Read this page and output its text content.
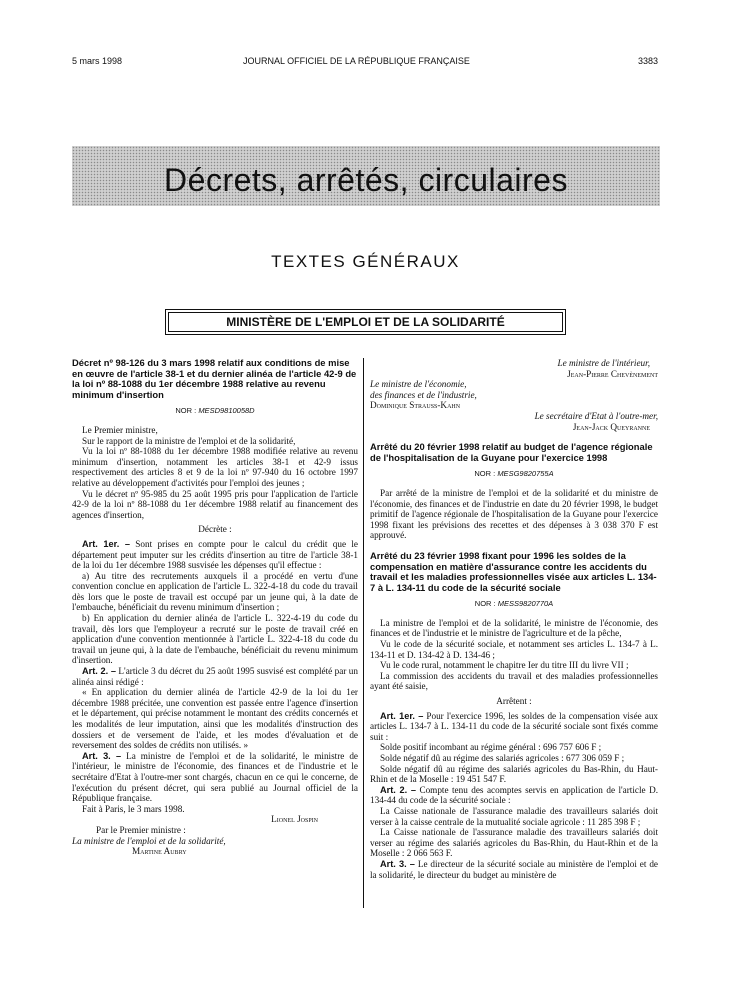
5 mars 1998	JOURNAL OFFICIEL DE LA RÉPUBLIQUE FRANÇAISE	3383
Décrets, arrêtés, circulaires
TEXTES GÉNÉRAUX
MINISTÈRE DE L'EMPLOI ET DE LA SOLIDARITÉ
Décret nº 98-126 du 3 mars 1998 relatif aux conditions de mise en œuvre de l'article 38-1 et du dernier alinéa de l'article 42-9 de la loi nº 88-1088 du 1er décembre 1988 relative au revenu minimum d'insertion
NOR : MESD9810058D

Le Premier ministre,

Sur le rapport de la ministre de l'emploi et de la solidarité,

Vu la loi nº 88-1088 du 1er décembre 1988 modifiée relative au revenu minimum d'insertion, notamment les articles 38-1 et 42-9 issus respectivement des articles 8 et 9 de la loi nº 97-940 du 16 octobre 1997 relative au développement d'activités pour l'emploi des jeunes ;

Vu le décret nº 95-985 du 25 août 1995 pris pour l'application de l'article 42-9 de la loi nº 88-1088 du 1er décembre 1988 relatif au financement des agences d'insertion,

Décrète :

Art. 1er. – Sont prises en compte pour le calcul du crédit que le département peut imputer sur les crédits d'insertion au titre de l'article 38-1 de la loi du 1er décembre 1988 susvisée les dépenses qu'il effectue :

a) Au titre des recrutements auxquels il a procédé en vertu d'une convention conclue en application de l'article L. 322-4-18 du code du travail dès lors que le poste de travail est occupé par un jeune qui, à la date de l'embauche, bénéficiait du revenu minimum d'insertion ;

b) En application du dernier alinéa de l'article L. 322-4-19 du code du travail, dès lors que l'employeur a recruté sur le poste de travail créé en application d'une convention mentionnée à l'article L. 322-4-18 du code du travail un jeune qui, à la date de l'embauche, bénéficiait du revenu minimum d'insertion.

Art. 2. – L'article 3 du décret du 25 août 1995 susvisé est complété par un alinéa ainsi rédigé :

« En application du dernier alinéa de l'article 42-9 de la loi du 1er décembre 1988 précitée, une convention est passée entre l'agence d'insertion et le département, qui précise notamment le montant des crédits concernés et les modalités de leur imputation, ainsi que les modalités d'instruction des dossiers et de versement de l'aide, et les modes d'évaluation et de reversement des soldes de crédits non utilisés. »

Art. 3. – La ministre de l'emploi et de la solidarité, le ministre de l'intérieur, le ministre de l'économie, des finances et de l'industrie et le secrétaire d'Etat à l'outre-mer sont chargés, chacun en ce qui le concerne, de l'exécution du présent décret, qui sera publié au Journal officiel de la République française.

Fait à Paris, le 3 mars 1998.

Lionel Jospin

Par le Premier ministre :

La ministre de l'emploi et de la solidarité,

Martine Aubry

Le ministre de l'intérieur,

Jean-Pierre Chevènement

Le ministre de l'économie,

des finances et de l'industrie,

Dominique Strauss-Kahn

Le secrétaire d'Etat à l'outre-mer,

Jean-Jack Queyranne

Arrêté du 20 février 1998 relatif au budget de l'agence régionale de l'hospitalisation de la Guyane pour l'exercice 1998
NOR : MESG9820755A

Par arrêté de la ministre de l'emploi et de la solidarité et du ministre de l'économie, des finances et de l'industrie en date du 20 février 1998, le budget primitif de l'agence régionale de l'hospitalisation de la Guyane pour l'exercice 1998 fixant les prévisions des recettes et des dépenses à 3 038 370 F est approuvé.

Arrêté du 23 février 1998 fixant pour 1996 les soldes de la compensation en matière d'assurance contre les accidents du travail et les maladies professionnelles visée aux articles L. 134-7 à L. 134-11 du code de la sécurité sociale
NOR : MESS9820770A

La ministre de l'emploi et de la solidarité, le ministre de l'économie, des finances et de l'industrie et le ministre de l'agriculture et de la pêche,

Vu le code de la sécurité sociale, et notamment ses articles L. 134-7 à L. 134-11 et D. 134-42 à D. 134-46 ;

Vu le code rural, notamment le chapitre Ier du titre III du livre VII ;

La commission des accidents du travail et des maladies professionnelles ayant été saisie,

Arrêtent :

Art. 1er. – Pour l'exercice 1996, les soldes de la compensation visée aux articles L. 134-7 à L. 134-11 du code de la sécurité sociale sont fixés comme suit :

Solde positif incombant au régime général : 696 757 606 F ;

Solde négatif dû au régime des salariés agricoles : 677 306 059 F ;

Solde négatif dû au régime des salariés agricoles du Bas-Rhin, du Haut-Rhin et de la Moselle : 19 451 547 F.

Art. 2. – Compte tenu des acomptes servis en application de l'article D. 134-44 du code de la sécurité sociale :

La Caisse nationale de l'assurance maladie des travailleurs salariés doit verser à la caisse centrale de la mutualité sociale agricole : 11 285 398 F ;

La Caisse nationale de l'assurance maladie des travailleurs salariés doit verser au régime des salariés agricoles du Bas-Rhin, du Haut-Rhin et de la Moselle : 2 066 563 F.

Art. 3. – Le directeur de la sécurité sociale au ministère de l'emploi et de la solidarité, le directeur du budget au ministère de
